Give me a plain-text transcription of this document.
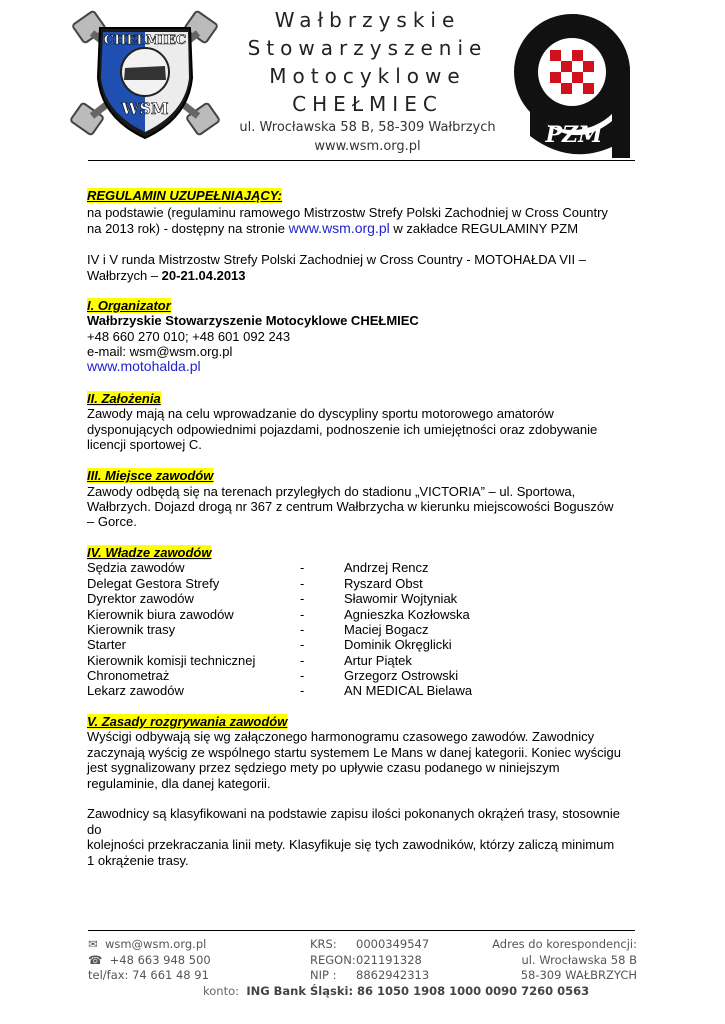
CHEŁMIEC
WSM
Wałbrzyskie
Stowarzyszenie
Motocyklowe
CHEŁMIEC
ul. Wrocławska 58 B, 58-309 Wałbrzych
www.wsm.org.pl	PZM
REGULAMIN UZUPEŁNIAJĄCY:
na podstawie (regulaminu ramowego Mistrzostw Strefy Polski Zachodniej w Cross Country
na 2013 rok) - dostępny na stronie www.wsm.org.pl w zakładce REGULAMINY PZM
IV i V runda Mistrzostw Strefy Polski Zachodniej w Cross Country - MOTOHAŁDA VII –
Wałbrzych – 20-21.04.2013
I. Organizator
Wałbrzyskie Stowarzyszenie Motocyklowe CHEŁMIEC
+48 660 270 010; +48 601 092 243
e-mail: wsm@wsm.org.pl
www.motohalda.pl
II. Założenia
Zawody mają na celu wprowadzanie do dyscypliny sportu motorowego amatorów
dysponujących odpowiednimi pojazdami, podnoszenie ich umiejętności oraz zdobywanie
licencji sportowej C.
III. Miejsce zawodów
Zawody odbędą się na terenach przyległych do stadionu „VICTORIA” – ul. Sportowa,
Wałbrzych. Dojazd drogą nr 367 z centrum Wałbrzycha w kierunku miejscowości Boguszów
– Gorce.
IV. Władze zawodów
Sędzia zawodów	-	Andrzej Rencz
Delegat Gestora Strefy	-	Ryszard Obst
Dyrektor zawodów	-	Sławomir Wojtyniak
Kierownik biura zawodów	-	Agnieszka Kozłowska
Kierownik trasy	-	Maciej Bogacz
Starter	-	Dominik Okręglicki
Kierownik komisji technicznej	-	Artur Piątek
Chronometraż	-	Grzegorz Ostrowski
Lekarz zawodów	-	AN MEDICAL Bielawa
V. Zasady rozgrywania zawodów
Wyścigi odbywają się wg załączonego harmonogramu czasowego zawodów. Zawodnicy
zaczynają wyścig ze wspólnego startu systemem Le Mans w danej kategorii. Koniec wyścigu
jest sygnalizowany przez sędziego mety po upływie czasu podanego w niniejszym
regulaminie, dla danej kategorii.
Zawodnicy są klasyfikowani na podstawie zapisu ilości pokonanych okrążeń trasy, stosownie
do
kolejności przekraczania linii mety. Klasyfikuje się tych zawodników, którzy zaliczą minimum
1 okrążenie trasy.
✉ wsm@wsm.org.pl
☎ +48 663 948 500
tel/fax: 74 661 48 91
KRS: 0000349547
REGON: 021191328
NIP : 8862942313
Adres do korespondencji:
ul. Wrocławska 58 B
58-309 WAŁBRZYCH
konto: ING Bank Śląski: 86 1050 1908 1000 0090 7260 0563
